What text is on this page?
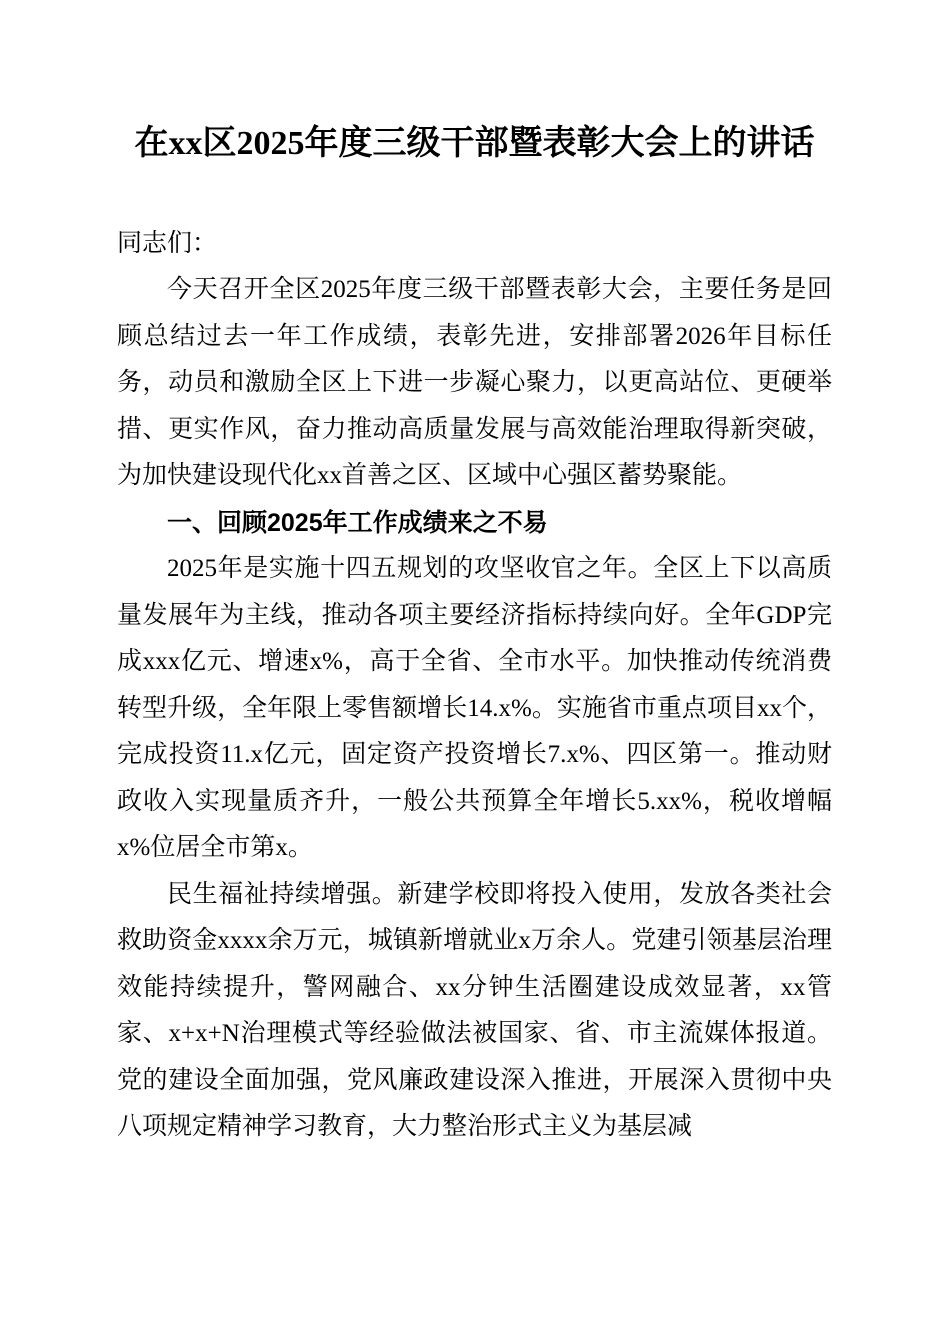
在xx区2025年度三级干部暨表彰大会上的讲话

同志们：

今天召开全区2025年度三级干部暨表彰大会，主要任务是回顾总结过去一年工作成绩，表彰先进，安排部署2026年目标任务，动员和激励全区上下进一步凝心聚力，以更高站位、更硬举措、更实作风，奋力推动高质量发展与高效能治理取得新突破，为加快建设现代化xx首善之区、区域中心强区蓄势聚能。

一、回顾2025年工作成绩来之不易

2025年是实施十四五规划的攻坚收官之年。全区上下以高质量发展年为主线，推动各项主要经济指标持续向好。全年GDP完成xxx亿元、增速x%，高于全省、全市水平。加快推动传统消费转型升级，全年限上零售额增长14.x%。实施省市重点项目xx个，完成投资11.x亿元，固定资产投资增长7.x%、四区第一。推动财政收入实现量质齐升，一般公共预算全年增长5.xx%，税收增幅x%位居全市第x。

民生福祉持续增强。新建学校即将投入使用，发放各类社会救助资金xxxx余万元，城镇新增就业x万余人。党建引领基层治理效能持续提升，警网融合、xx分钟生活圈建设成效显著，xx管家、x+x+N治理模式等经验做法被国家、省、市主流媒体报道。党的建设全面加强，党风廉政建设深入推进，开展深入贯彻中央八项规定精神学习教育，大力整治形式主义为基层减
